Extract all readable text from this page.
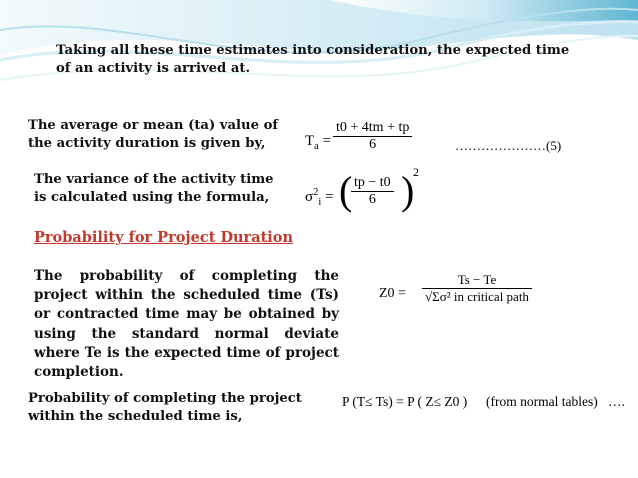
Taking all these time estimates into consideration, the expected time of an activity is arrived at.
The average or mean (ta) value of the activity duration is given by,	$T_a = \frac{t0 + 4tm + tp}{6}$	…………………(5)
The variance of the activity time is calculated using the formula,	$\sigma^2_i$ = (
$\frac{tp - t0}{6}$ )
2
Probability for Project Duration
The probability of completing the project within the scheduled time (Ts) or contracted time may be obtained by using the standard normal deviate where Te is the expected time of project completion.
Z0 =
Ts − Te
√Σσ² in critical path
Probability of completing the project within the scheduled time is,
P (T≤ Ts) = P ( Z≤ Z0 ) (from normal tables) ….
